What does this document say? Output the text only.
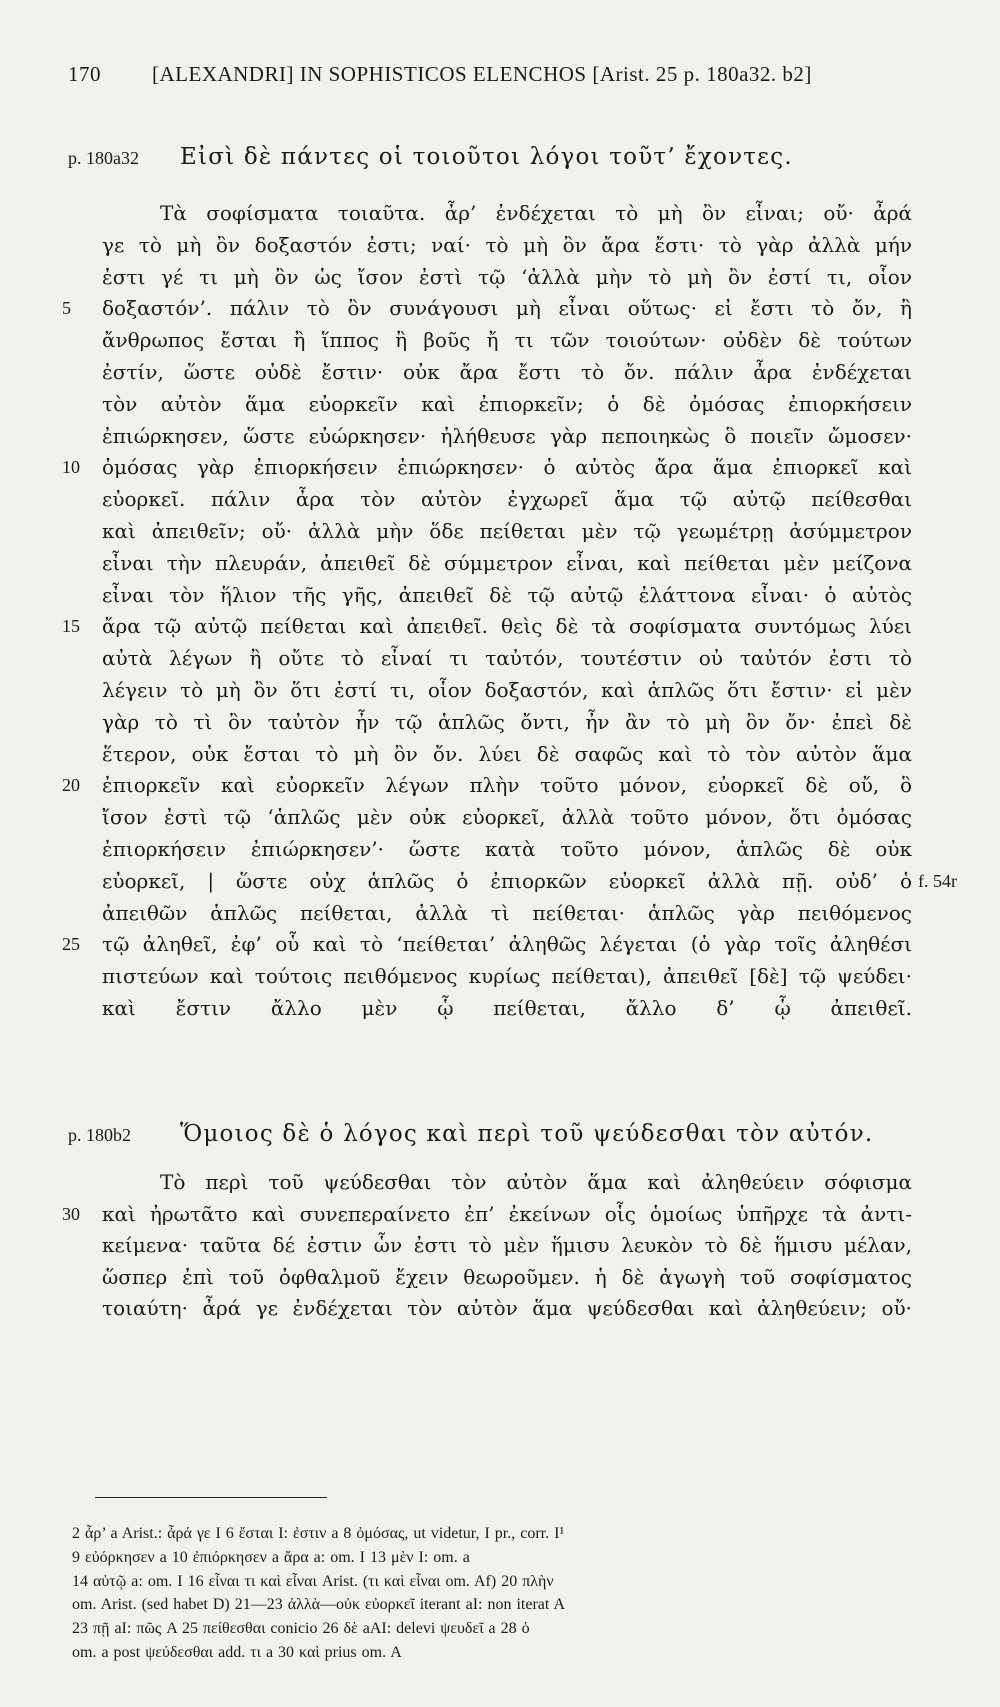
170 [ALEXANDRI] IN SOPHISTICOS ELENCHOS [Arist. 25 p. 180a32. b2]
p. 180a32 Εἰσὶ δὲ πάντες οἱ τοιοῦτοι λόγοι τοῦτ’ ἔχοντες.
Τὰ σοφίσματα τοιαῦτα. ἆρ’ ἐνδέχεται τὸ μὴ ὂν εἶναι; οὔ· ἆρά
γε τὸ μὴ ὂν δοξαστόν ἐστι; ναί· τὸ μὴ ὂν ἄρα ἔστι· τὸ γὰρ ἀλλὰ μήν
ἐστι γέ τι μὴ ὂν ὡς ἴσον ἐστὶ τῷ ‘ἀλλὰ μὴν τὸ μὴ ὂν ἐστί τι, οἷον
5	δοξαστόν’. πάλιν τὸ ὂν συνάγουσι μὴ εἶναι οὕτως· εἰ ἔστι τὸ ὄν, ἢ
ἄνθρωπος ἔσται ἢ ἵππος ἢ βοῦς ἤ τι τῶν τοιούτων· οὐδὲν δὲ τούτων
ἐστίν, ὥστε οὐδὲ ἔστιν· οὐκ ἄρα ἔστι τὸ ὄν. πάλιν ἆρα ἐνδέχεται
τὸν αὐτὸν ἅμα εὐορκεῖν καὶ ἐπιορκεῖν; ὁ δὲ ὀμόσας ἐπιορκήσειν
ἐπιώρκησεν, ὥστε εὐώρκησεν· ἠλήθευσε γὰρ πεποιηκὼς ὃ ποιεῖν ὤμοσεν·
10	ὀμόσας γὰρ ἐπιορκήσειν ἐπιώρκησεν· ὁ αὐτὸς ἄρα ἅμα ἐπιορκεῖ καὶ
εὐορκεῖ. πάλιν ἆρα τὸν αὐτὸν ἐγχωρεῖ ἅμα τῷ αὐτῷ πείθεσθαι
καὶ ἀπειθεῖν; οὔ· ἀλλὰ μὴν ὅδε πείθεται μὲν τῷ γεωμέτρῃ ἀσύμμετρον
εἶναι τὴν πλευράν, ἀπειθεῖ δὲ σύμμετρον εἶναι, καὶ πείθεται μὲν μείζονα
εἶναι τὸν ἥλιον τῆς γῆς, ἀπειθεῖ δὲ τῷ αὐτῷ ἐλάττονα εἶναι· ὁ αὐτὸς
15	ἄρα τῷ αὐτῷ πείθεται καὶ ἀπειθεῖ. θεὶς δὲ τὰ σοφίσματα συντόμως λύει
αὐτὰ λέγων ἢ οὔτε τὸ εἶναί τι ταὐτόν, τουτέστιν οὐ ταὐτόν ἐστι τὸ
λέγειν τὸ μὴ ὂν ὅτι ἐστί τι, οἷον δοξαστόν, καὶ ἁπλῶς ὅτι ἔστιν· εἰ μὲν
γὰρ τὸ τὶ ὂν ταὐτὸν ἦν τῷ ἁπλῶς ὄντι, ἦν ἂν τὸ μὴ ὂν ὄν· ἐπεὶ δὲ
ἕτερον, οὐκ ἔσται τὸ μὴ ὂν ὄν. λύει δὲ σαφῶς καὶ τὸ τὸν αὐτὸν ἅμα
20	ἐπιορκεῖν καὶ εὐορκεῖν λέγων πλὴν τοῦτο μόνον, εὐορκεῖ δὲ οὔ, ὃ
ἴσον ἐστὶ τῷ ‘ἁπλῶς μὲν οὐκ εὐορκεῖ, ἀλλὰ τοῦτο μόνον, ὅτι ὀμόσας
ἐπιορκήσειν ἐπιώρκησεν’· ὥστε κατὰ τοῦτο μόνον, ἁπλῶς δὲ οὐκ
εὐορκεῖ, | ὥστε οὐχ ἁπλῶς ὁ ἐπιορκῶν εὐορκεῖ ἀλλὰ πῇ. οὐδ’ ὁ f. 54r
ἀπειθῶν ἁπλῶς πείθεται, ἀλλὰ τὶ πείθεται· ἁπλῶς γὰρ πειθόμενος
25	τῷ ἀληθεῖ, ἐφ’ οὗ καὶ τὸ ‘πείθεται’ ἀληθῶς λέγεται (ὁ γὰρ τοῖς ἀληθέσι
πιστεύων καὶ τούτοις πειθόμενος κυρίως πείθεται), ἀπειθεῖ [δὲ] τῷ ψεύδει·
καὶ ἔστιν ἄλλο μὲν ᾧ πείθεται, ἄλλο δ’ ᾧ ἀπειθεῖ.
p. 180b2 Ὅμοιος δὲ ὁ λόγος καὶ περὶ τοῦ ψεύδεσθαι τὸν αὐτόν.
Τὸ περὶ τοῦ ψεύδεσθαι τὸν αὐτὸν ἅμα καὶ ἀληθεύειν σόφισμα
30	καὶ ἠρωτᾶτο καὶ συνεπεραίνετο ἐπ’ ἐκείνων οἷς ὁμοίως ὑπῆρχε τὰ ἀντι-
κείμενα· ταῦτα δέ ἐστιν ὧν ἐστι τὸ μὲν ἥμισυ λευκὸν τὸ δὲ ἥμισυ μέλαν,
ὥσπερ ἐπὶ τοῦ ὀφθαλμοῦ ἔχειν θεωροῦμεν. ἡ δὲ ἀγωγὴ τοῦ σοφίσματος
τοιαύτη· ἆρά γε ἐνδέχεται τὸν αὐτὸν ἅμα ψεύδεσθαι καὶ ἀληθεύειν; οὔ·
2 ἆρ’ a Arist.: ἆρά γε I 6 ἔσται I: ἐστιν a 8 ὀμόσας, ut videtur, I pr., corr. I¹
9 εὐόρκησεν a 10 ἐπιόρκησεν a ἄρα a: om. I 13 μὲν I: om. a
14 αὐτῷ a: om. I 16 εἶναι τι καὶ εἶναι Arist. (τι καὶ εἶναι om. Af) 20 πλὴν
om. Arist. (sed habet D) 21—23 ἀλλὰ—οὐκ εὐορκεῖ iterant aI: non iterat A
23 πῇ aI: πῶς A 25 πείθεσθαι conicio 26 δὲ aAI: delevi ψευδεῖ a 28 ὁ
om. a post ψεύδεσθαι add. τι a 30 καὶ prius om. A
